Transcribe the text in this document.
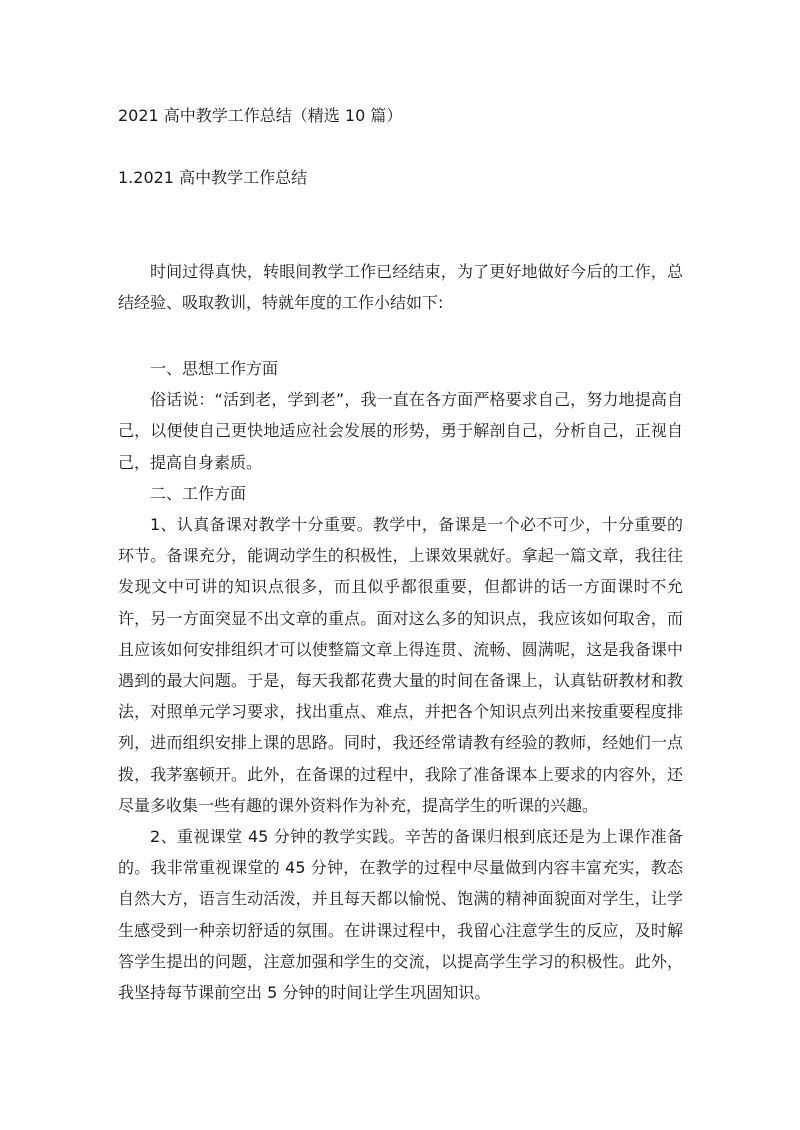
2021 高中教学工作总结（精选 10 篇）
1.2021 高中教学工作总结

时间过得真快，转眼间教学工作已经结束，为了更好地做好今后的工作，总结经验、吸取教训，特就年度的工作小结如下:

一、思想工作方面

俗话说：“活到老，学到老”，我一直在各方面严格要求自己，努力地提高自己，以便使自己更快地适应社会发展的形势，勇于解剖自己，分析自己，正视自己，提高自身素质。

二、工作方面

1、认真备课对教学十分重要。教学中，备课是一个必不可少，十分重要的环节。备课充分，能调动学生的积极性，上课效果就好。拿起一篇文章，我往往发现文中可讲的知识点很多，而且似乎都很重要，但都讲的话一方面课时不允许，另一方面突显不出文章的重点。面对这么多的知识点，我应该如何取舍，而且应该如何安排组织才可以使整篇文章上得连贯、流畅、圆满呢，这是我备课中遇到的最大问题。于是，每天我都花费大量的时间在备课上，认真钻研教材和教法，对照单元学习要求，找出重点、难点，并把各个知识点列出来按重要程度排列，进而组织安排上课的思路。同时，我还经常请教有经验的教师，经她们一点拨，我茅塞顿开。此外，在备课的过程中，我除了准备课本上要求的内容外，还尽量多收集一些有趣的课外资料作为补充，提高学生的听课的兴趣。

2、重视课堂 45 分钟的教学实践。辛苦的备课归根到底还是为上课作准备的。我非常重视课堂的 45 分钟，在教学的过程中尽量做到内容丰富充实，教态自然大方，语言生动活泼，并且每天都以愉悦、饱满的精神面貌面对学生，让学生感受到一种亲切舒适的氛围。在讲课过程中，我留心注意学生的反应，及时解答学生提出的问题，注意加强和学生的交流，以提高学生学习的积极性。此外，我坚持每节课前空出 5 分钟的时间让学生巩固知识。
